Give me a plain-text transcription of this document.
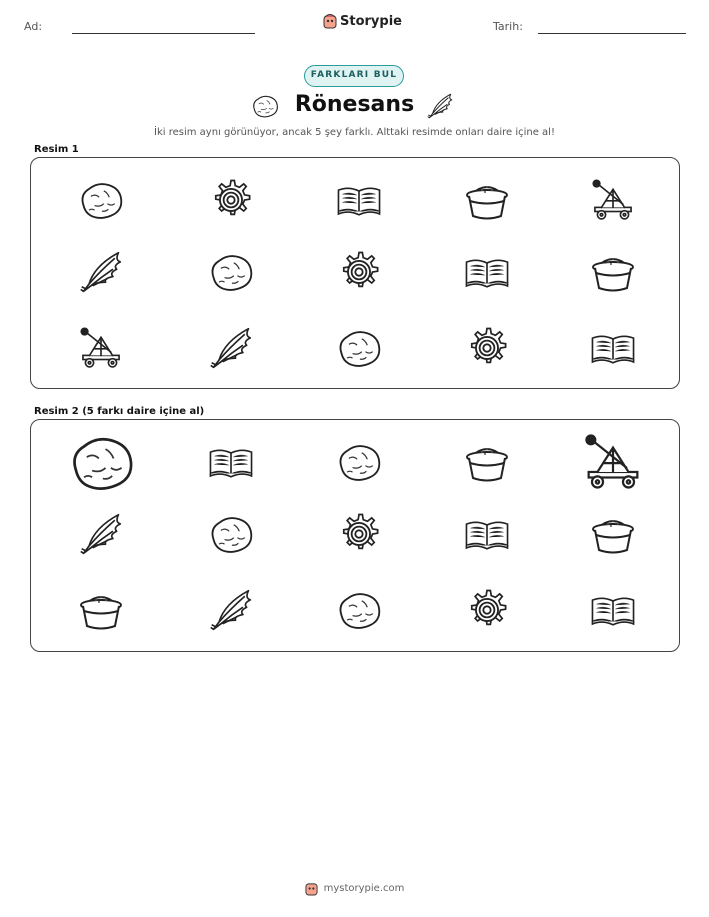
Ad:	Storypie	Tarih:
FARKLARI BUL
Rönesans
İki resim aynı görünüyor, ancak 5 şey farklı. Alttaki resimde onları daire içine al!
Resim 1
Resim 2 (5 farkı daire içine al)
mystorypie.com
